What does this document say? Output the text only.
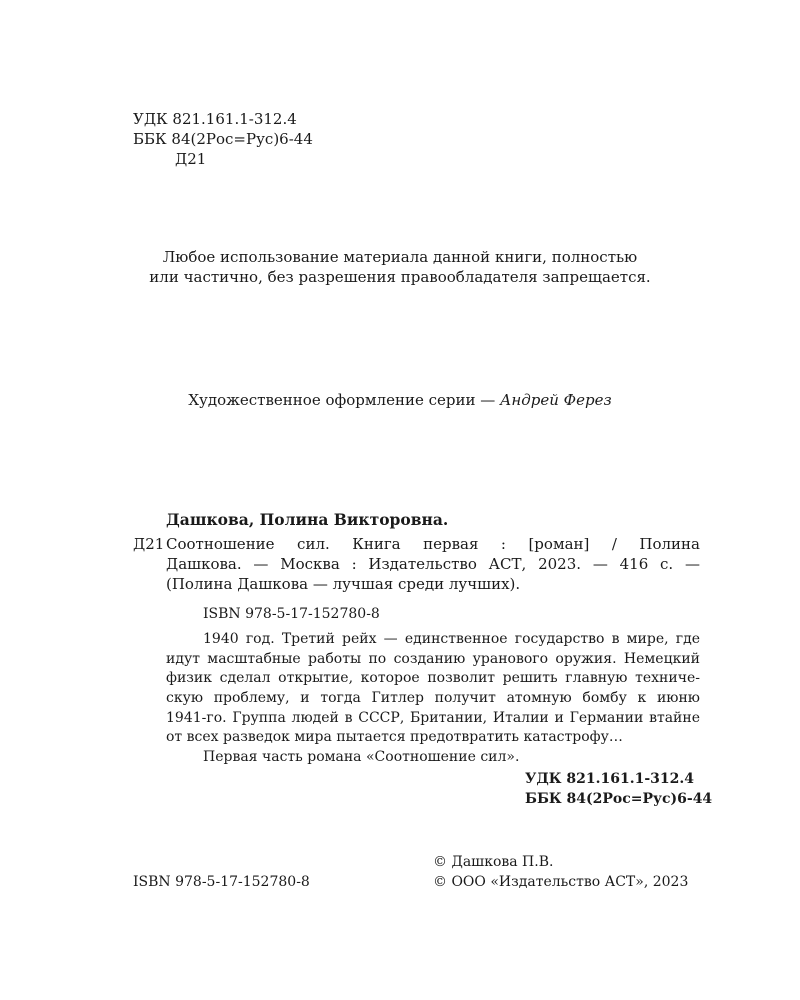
УДК 821.161.1-312.4
ББК 84(2Рос=Рус)6-44
Д21
Любое использование материала данной книги, полностью
или частично, без разрешения правообладателя запрещается.
Художественное оформление серии — Андрей Ферез
Дашкова, Полина Викторовна.
Д21 Соотношение сил. Книга первая : [роман] / Полина
Дашкова. — Москва : Издательство АСТ, 2023. — 416 с. —
(Полина Дашкова — лучшая среди лучших).
ISBN 978-5-17-152780-8
1940 год. Третий рейх — единственное государство в мире, где
идут масштабные работы по созданию уранового оружия. Немецкий
физик сделал открытие, которое позволит решить главную техниче-
скую проблему, и тогда Гитлер получит атомную бомбу к июню
1941-го. Группа людей в СССР, Британии, Италии и Германии втайне
от всех разведок мира пытается предотвратить катастрофу…
Первая часть романа «Соотношение сил».
УДК 821.161.1-312.4
ББК 84(2Рос=Рус)6-44
ISBN 978-5-17-152780-8
© Дашкова П.В.
© ООО «Издательство АСТ», 2023
